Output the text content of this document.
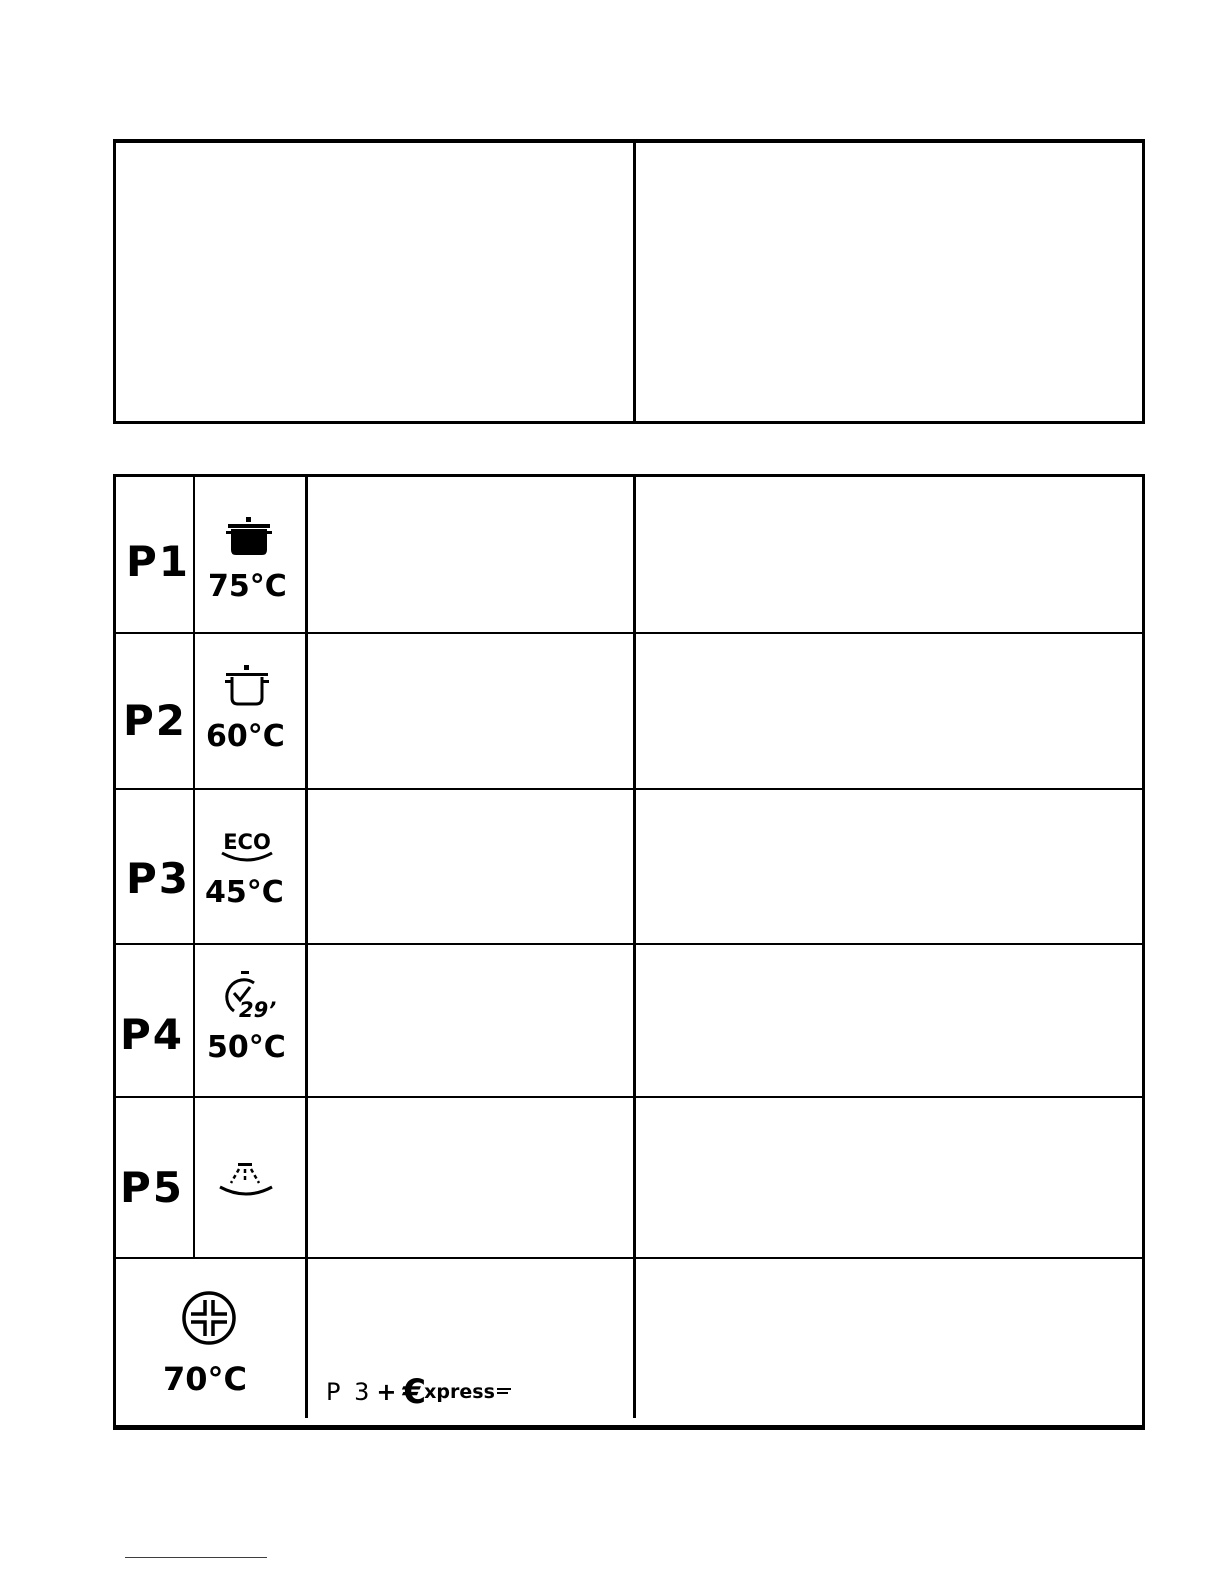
P1
75°C
P2 60°C
P3
ECO
45°C
P4	29’
50°C
P5
70°C	P 3 + €
xpress
